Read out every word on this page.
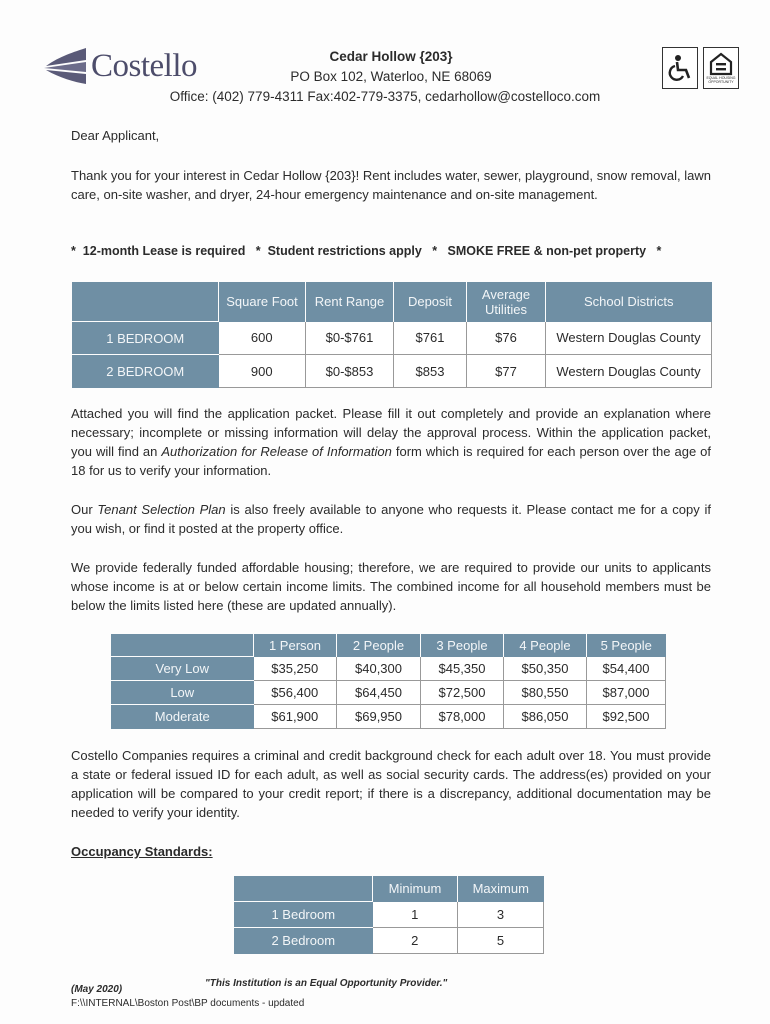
Costello	Cedar Hollow {203}
PO Box 102, Waterloo, NE 68069
Office: (402) 779-4311 Fax:402-779-3375, cedarhollow@costelloco.com
EQUAL HOUSING OPPORTUNITY
Dear Applicant,
Thank you for your interest in Cedar Hollow {203}! Rent includes water, sewer, playground, snow removal, lawn care, on-site washer, and dryer, 24-hour emergency maintenance and on-site management.
*  12-month Lease is required   *  Student restrictions apply   *   SMOKE FREE & non-pet property   *
	Square Foot	Rent Range	Deposit	Average Utilities	School Districts
1 BEDROOM	600	$0-$761	$761	$76	Western Douglas County
2 BEDROOM	900	$0-$853	$853	$77	Western Douglas County
Attached you will find the application packet. Please fill it out completely and provide an explanation where necessary; incomplete or missing information will delay the approval process. Within the application packet, you will find an Authorization for Release of Information form which is required for each person over the age of 18 for us to verify your information.
Our Tenant Selection Plan is also freely available to anyone who requests it. Please contact me for a copy if you wish, or find it posted at the property office.
We provide federally funded affordable housing; therefore, we are required to provide our units to applicants whose income is at or below certain income limits. The combined income for all household members must be below the limits listed here (these are updated annually).
	1 Person	2 People	3 People	4 People	5 People
Very Low	$35,250	$40,300	$45,350	$50,350	$54,400
Low	$56,400	$64,450	$72,500	$80,550	$87,000
Moderate	$61,900	$69,950	$78,000	$86,050	$92,500
Costello Companies requires a criminal and credit background check for each adult over 18. You must provide a state or federal issued ID for each adult, as well as social security cards. The address(es) provided on your application will be compared to your credit report; if there is a discrepancy, additional documentation may be needed to verify your identity.
Occupancy Standards:
	Minimum	Maximum
1 Bedroom	1	3
2 Bedroom	2	5
(May 2020)
"This Institution is an Equal Opportunity Provider."
F:\\INTERNAL\Boston Post\BP documents - updated
